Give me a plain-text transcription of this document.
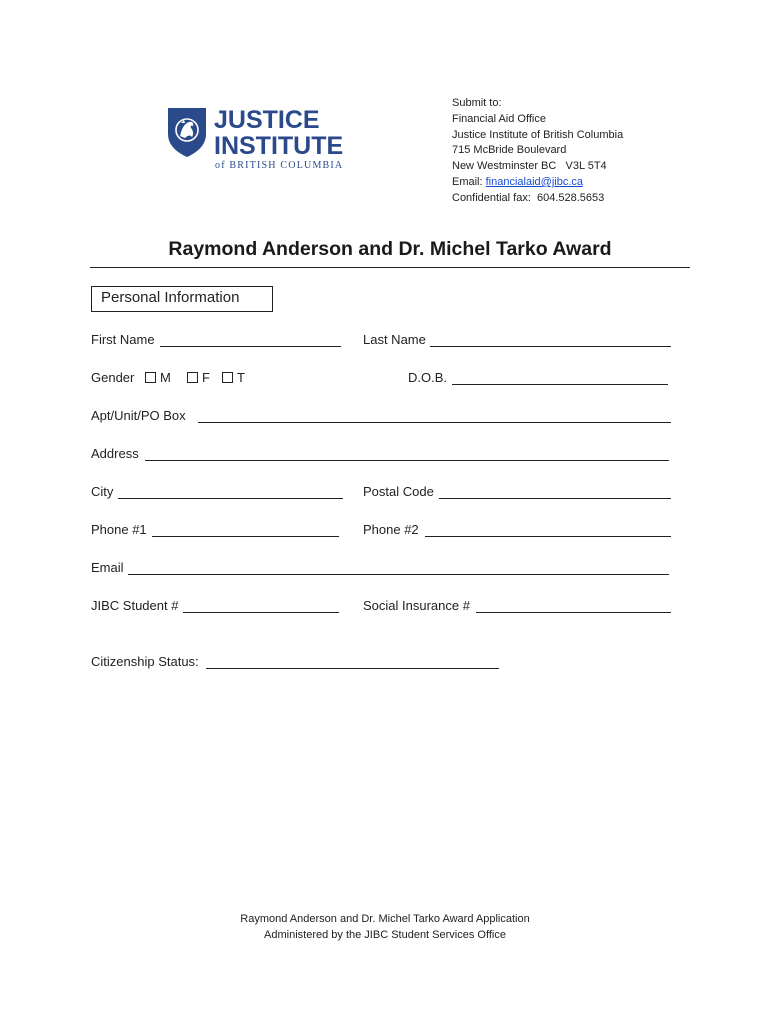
JUSTICE
INSTITUTE
of BRITISH COLUMBIA
Submit to:
Financial Aid Office
Justice Institute of British Columbia
715 McBride Boulevard
New Westminster BC   V3L 5T4
Email: financialaid@jibc.ca
Confidential fax:  604.528.5653
Raymond Anderson and Dr. Michel Tarko Award
Personal Information
First Name	Last Name
Gender	M	F	T	D.O.B.
Apt/Unit/PO Box
Address
City	Postal Code
Phone #1	Phone #2
Email
JIBC Student #	Social Insurance #
Citizenship Status:
Raymond Anderson and Dr. Michel Tarko Award Application
Administered by the JIBC Student Services Office
